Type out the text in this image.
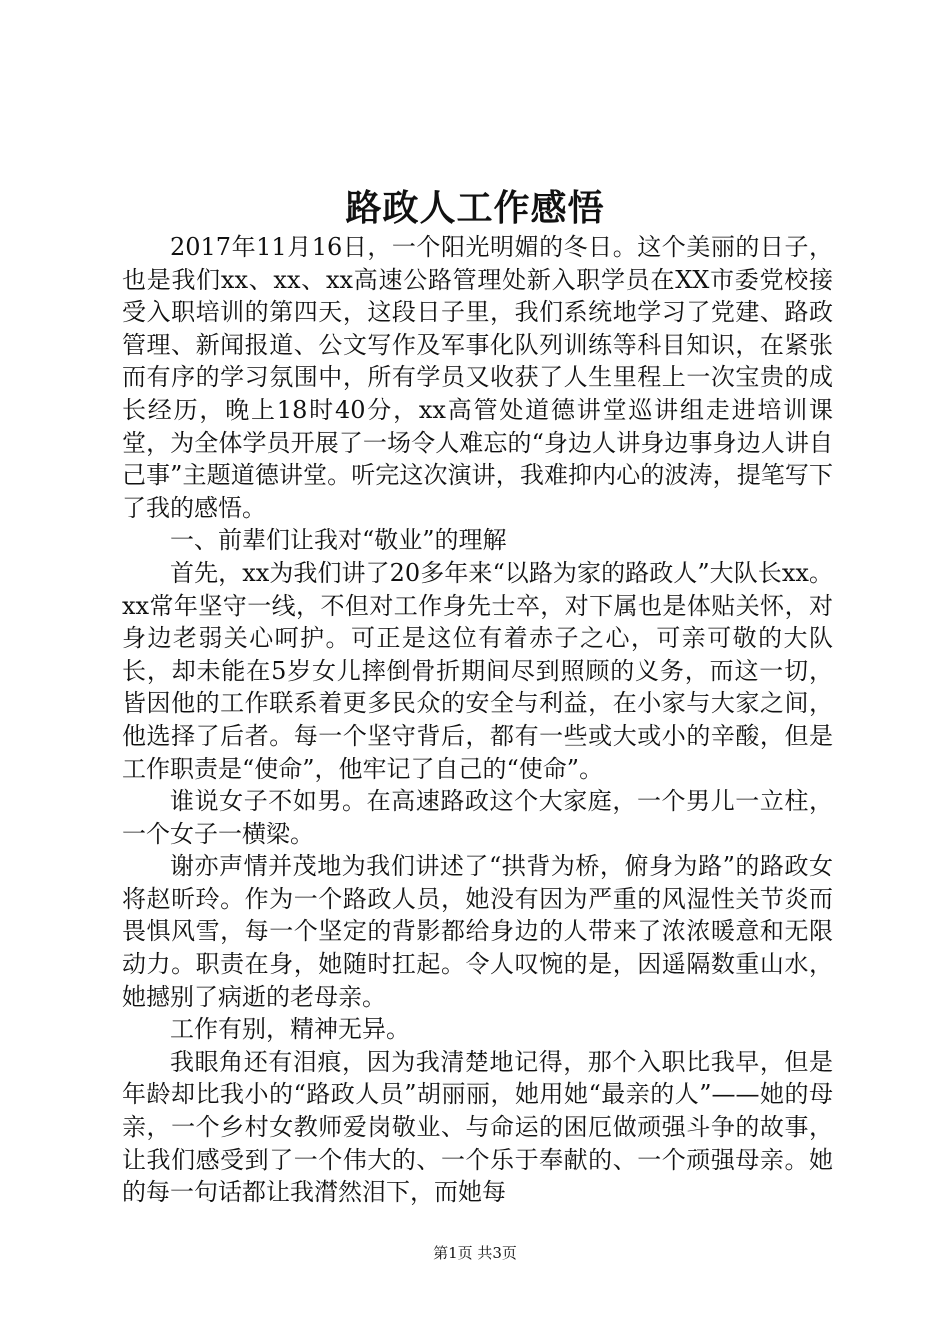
路政人工作感悟

2017年11月16日，一个阳光明媚的冬日。这个美丽的日子，也是我们xx、xx、xx高速公路管理处新入职学员在XX市委党校接受入职培训的第四天，这段日子里，我们系统地学习了党建、路政管理、新闻报道、公文写作及军事化队列训练等科目知识，在紧张而有序的学习氛围中，所有学员又收获了人生里程上一次宝贵的成长经历，晚上18时40分，xx高管处道德讲堂巡讲组走进培训课堂，为全体学员开展了一场令人难忘的“身边人讲身边事身边人讲自己事”主题道德讲堂。听完这次演讲，我难抑内心的波涛，提笔写下了我的感悟。

一、前辈们让我对“敬业”的理解

首先，xx为我们讲了20多年来“以路为家的路政人”大队长xx。xx常年坚守一线，不但对工作身先士卒，对下属也是体贴关怀，对身边老弱关心呵护。可正是这位有着赤子之心，可亲可敬的大队长，却未能在5岁女儿摔倒骨折期间尽到照顾的义务，而这一切，皆因他的工作联系着更多民众的安全与利益，在小家与大家之间，他选择了后者。每一个坚守背后，都有一些或大或小的辛酸，但是工作职责是“使命”，他牢记了自己的“使命”。

谁说女子不如男。在高速路政这个大家庭，一个男儿一立柱，一个女子一横梁。

谢亦声情并茂地为我们讲述了“拱背为桥，俯身为路”的路政女将赵昕玲。作为一个路政人员，她没有因为严重的风湿性关节炎而畏惧风雪，每一个坚定的背影都给身边的人带来了浓浓暖意和无限动力。职责在身，她随时扛起。令人叹惋的是，因遥隔数重山水，她撼别了病逝的老母亲。

工作有别，精神无异。

我眼角还有泪痕，因为我清楚地记得，那个入职比我早，但是年龄却比我小的“路政人员”胡丽丽，她用她“最亲的人”——她的母亲，一个乡村女教师爱岗敬业、与命运的困厄做顽强斗争的故事，让我们感受到了一个伟大的、一个乐于奉献的、一个顽强母亲。她的每一句话都让我潸然泪下，而她每

第1页 共3页
